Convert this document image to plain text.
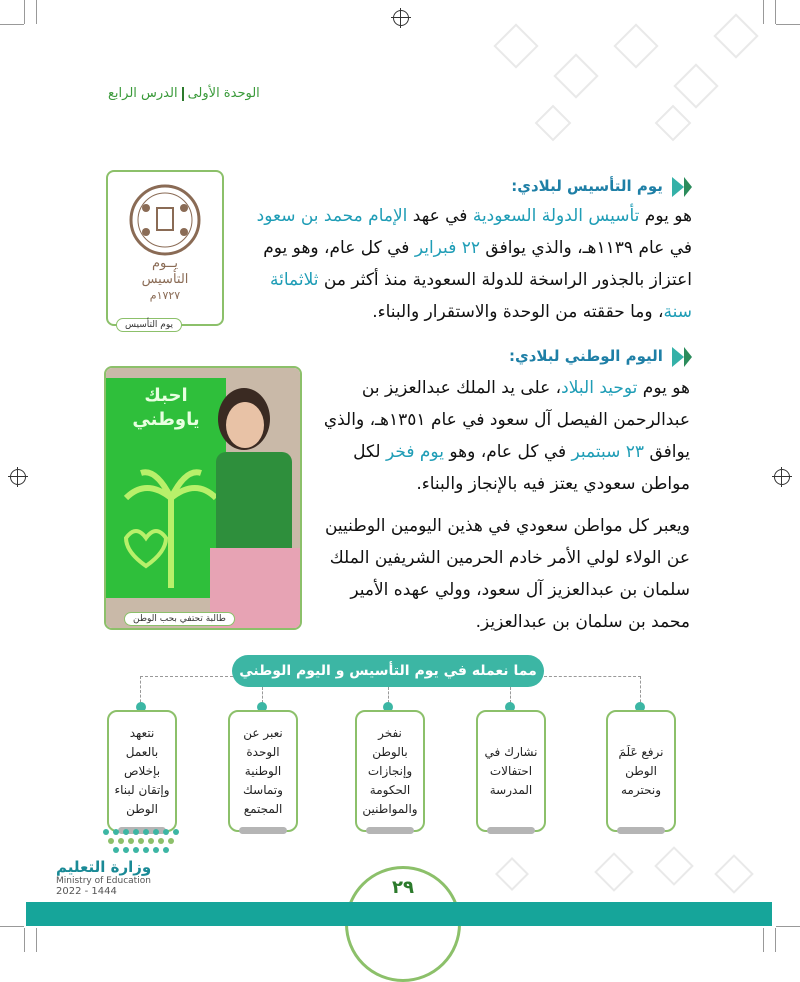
الوحدة الأولىالدرس الرابع
يوم التأسيس لبلادي:
هو يوم تأسيس الدولة السعودية في عهد الإمام محمد بن سعود في عام ١١٣٩هـ، والذي يوافق ٢٢ فبراير في كل عام، وهو يوم اعتزاز بالجذور الراسخة للدولة السعودية منذ أكثر من ثلاثمائة سنة، وما حققته من الوحدة والاستقرار والبناء.
يــوم
التأسيس
١٧٢٧م
يوم التأسيس
اليوم الوطني لبلادي:
هو يوم توحيد البلاد، على يد الملك عبدالعزيز بن عبدالرحمن الفيصل آل سعود في عام ١٣٥١هـ، والذي يوافق ٢٣ سبتمبر في كل عام، وهو يوم فخر لكل مواطن سعودي يعتز فيه بالإنجاز والبناء.
ويعبر كل مواطن سعودي في هذين اليومين الوطنيين عن الولاء لولي الأمر خادم الحرمين الشريفين الملك سلمان بن عبدالعزيز آل سعود، وولي عهده الأمير محمد بن سلمان بن عبدالعزيز.
احبك
ياوطني
طالبة تحتفي بحب الوطن
مما نعمله في يوم التأسيس و اليوم الوطني
نرفع عَلَمَ الوطن ونحترمه
نشارك في احتفالات المدرسة
نفخر بالوطن وإنجازات الحكومة والمواطنين
نعبر عن الوحدة الوطنية وتماسك المجتمع
نتعهد بالعمل بإخلاص وإتقان لبناء الوطن
٢٩
وزارة التعليم
Ministry of Education
2022 - 1444
